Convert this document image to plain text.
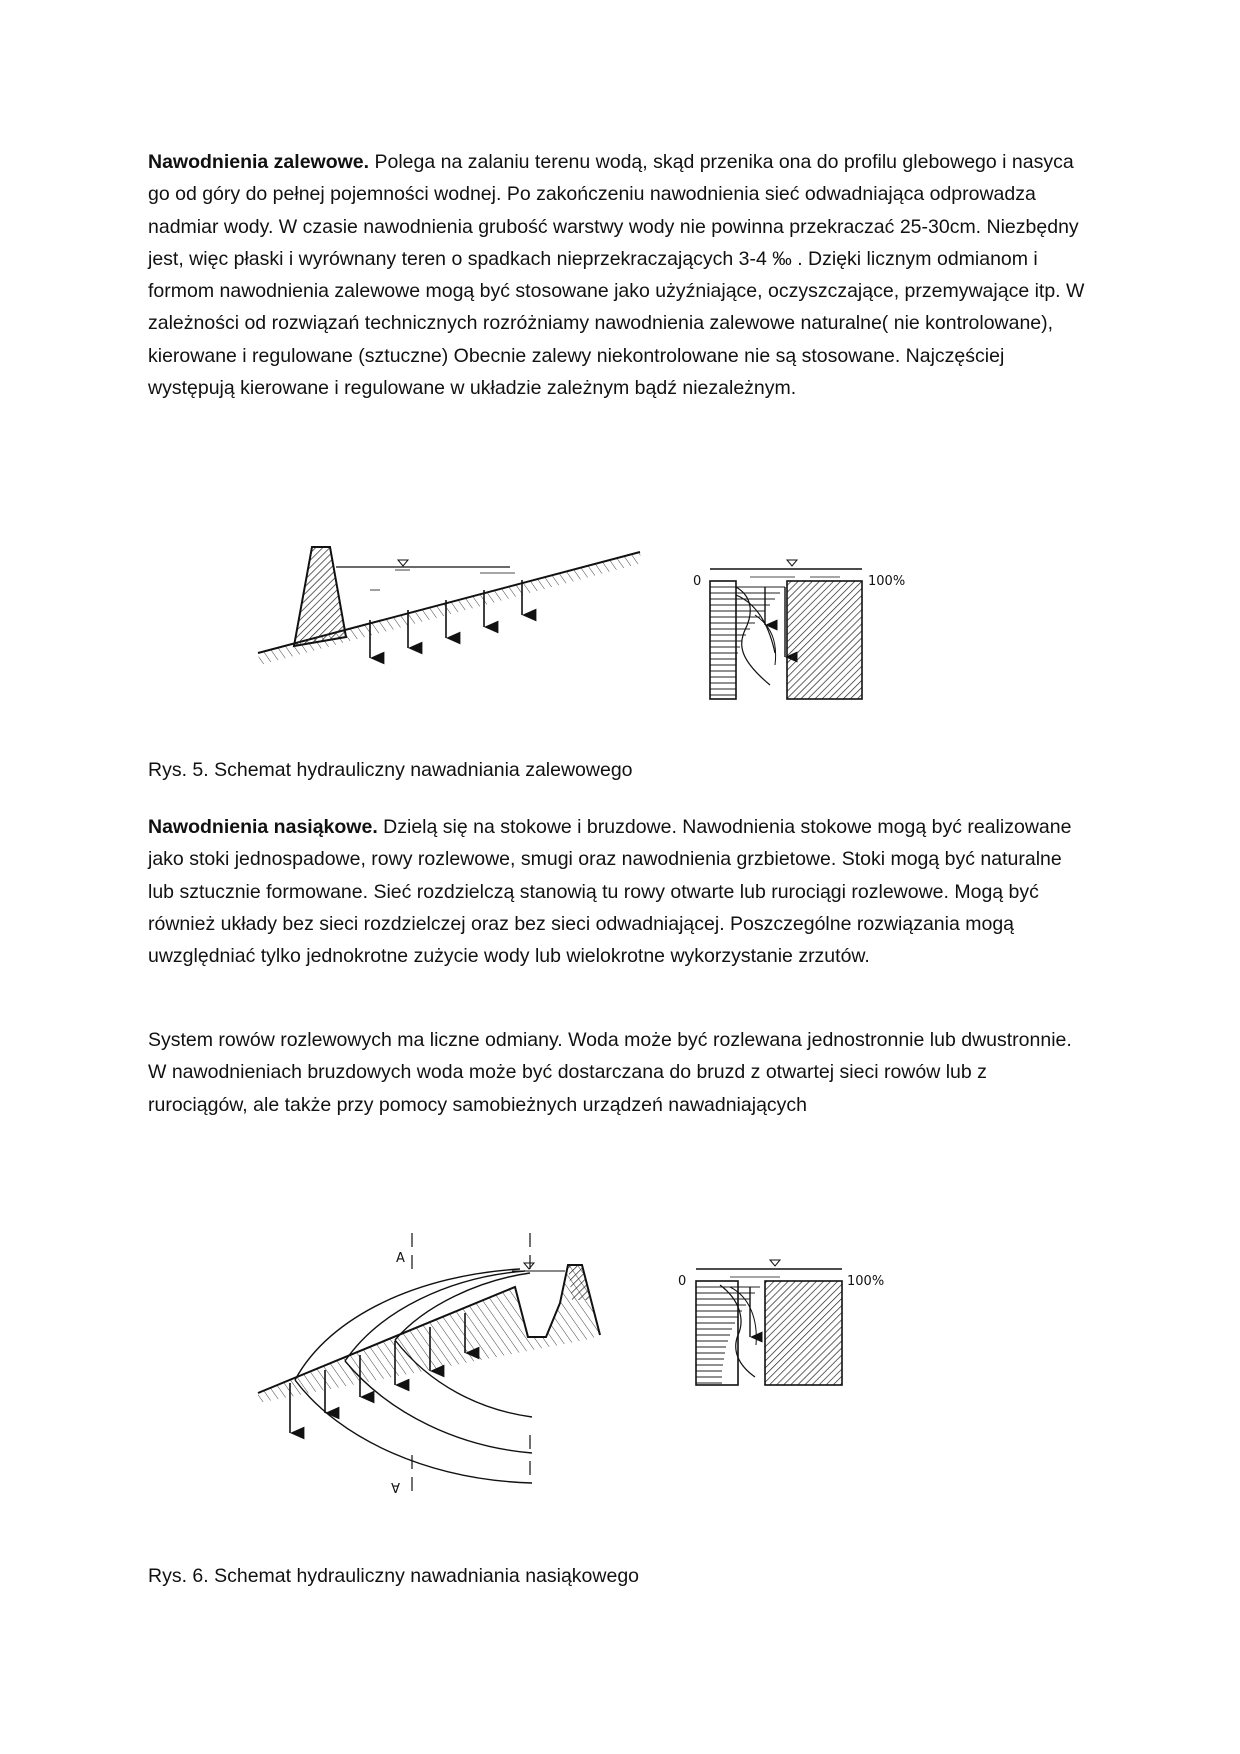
Nawodnienia zalewowe. Polega na zalaniu terenu wodą, skąd przenika ona do profilu glebowego i nasyca go od góry do pełnej pojemności wodnej. Po zakończeniu nawodnienia sieć odwadniająca odprowadza nadmiar wody. W czasie nawodnienia grubość warstwy wody nie powinna przekraczać 25-30cm. Niezbędny jest, więc płaski i wyrównany teren o spadkach nieprzekraczających 3-4 ‰ . Dzięki licznym odmianom i formom nawodnienia zalewowe mogą być stosowane jako użyźniające, oczyszczające, przemywające itp. W zależności od rozwiązań technicznych rozróżniamy nawodnienia zalewowe naturalne( nie kontrolowane), kierowane i regulowane (sztuczne) Obecnie zalewy niekontrolowane nie są stosowane. Najczęściej występują kierowane i regulowane w układzie zależnym bądź niezależnym.

0	100%

Rys. 5. Schemat hydrauliczny nawadniania zalewowego

Nawodnienia nasiąkowe. Dzielą się na stokowe i bruzdowe. Nawodnienia stokowe mogą być realizowane jako stoki jednospadowe, rowy rozlewowe, smugi oraz nawodnienia grzbietowe. Stoki mogą być naturalne lub sztucznie formowane. Sieć rozdzielczą stanowią tu rowy otwarte lub rurociągi rozlewowe. Mogą być również układy bez sieci rozdzielczej oraz bez sieci odwadniającej. Poszczególne rozwiązania mogą uwzględniać tylko jednokrotne zużycie wody lub wielokrotne wykorzystanie zrzutów.

System rowów rozlewowych ma liczne odmiany. Woda może być rozlewana jednostronnie lub dwustronnie. W nawodnieniach bruzdowych woda może być dostarczana do bruzd z otwartej sieci rowów lub z rurociągów, ale także przy pomocy samobieżnych urządzeń nawadniających

A
A
0	100%

Rys. 6. Schemat hydrauliczny nawadniania nasiąkowego
